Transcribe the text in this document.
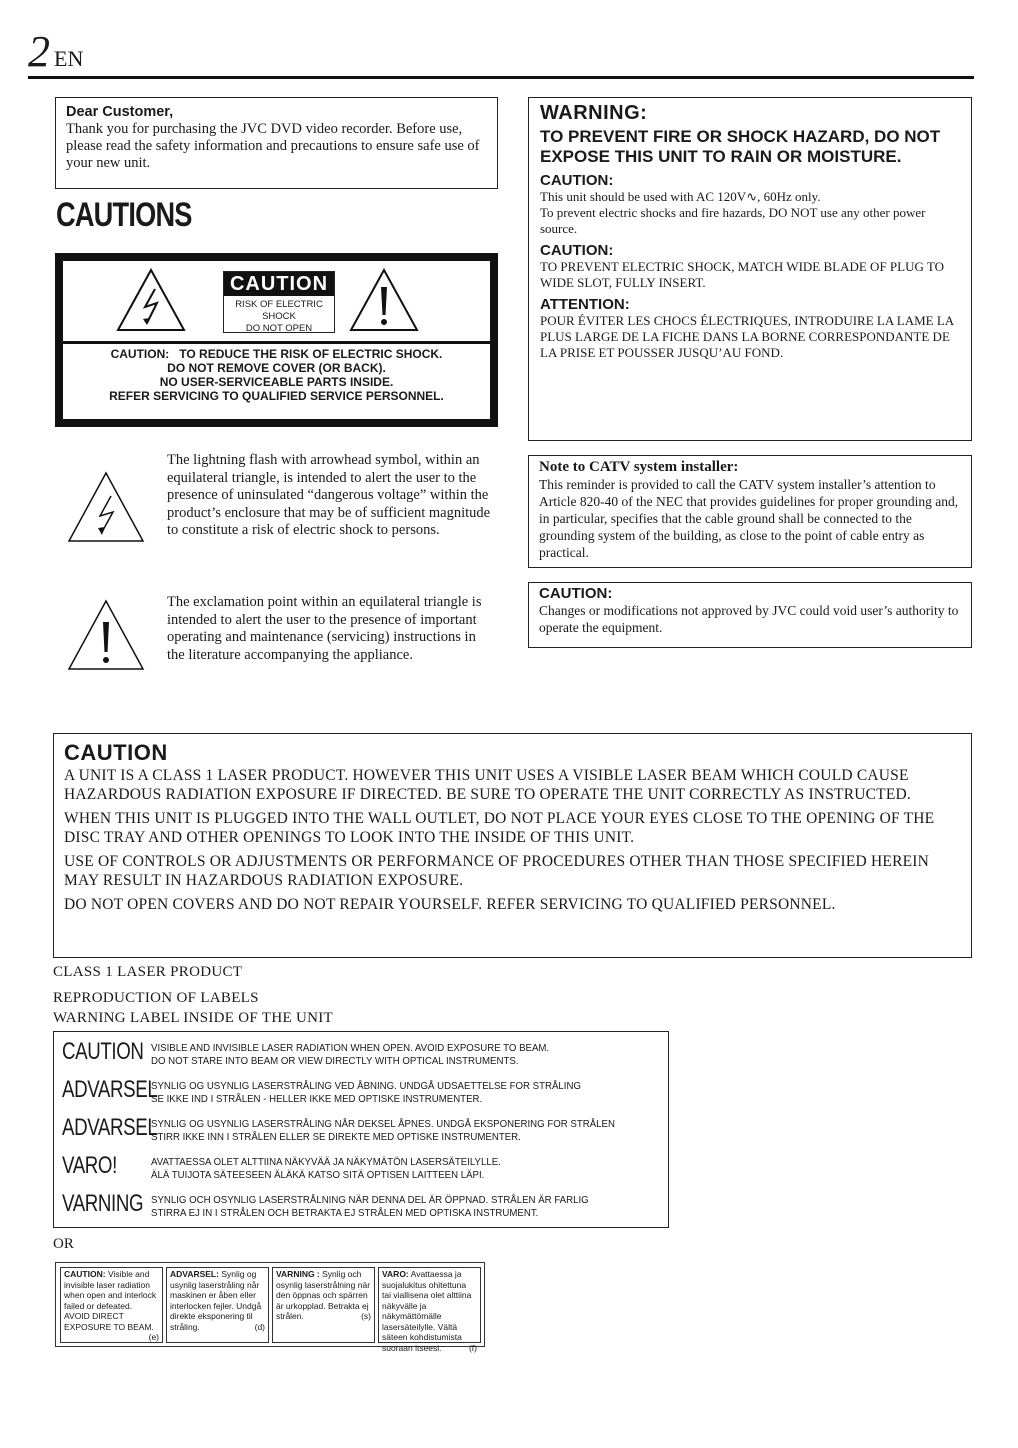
2 EN
Dear Customer,
Thank you for purchasing the JVC DVD video recorder. Before use, please read the safety information and precautions to ensure safe use of your new unit.
CAUTIONS
CAUTION
RISK OF ELECTRIC SHOCK
DO NOT OPEN
CAUTION: TO REDUCE THE RISK OF ELECTRIC SHOCK.
DO NOT REMOVE COVER (OR BACK).
NO USER-SERVICEABLE PARTS INSIDE.
REFER SERVICING TO QUALIFIED SERVICE PERSONNEL.
The lightning flash with arrowhead symbol, within an equilateral triangle, is intended to alert the user to the presence of uninsulated “dangerous voltage” within the product’s enclosure that may be of sufficient magnitude to constitute a risk of electric shock to persons.
The exclamation point within an equilateral triangle is intended to alert the user to the presence of important operating and maintenance (servicing) instructions in the literature accompanying the appliance.
WARNING:
TO PREVENT FIRE OR SHOCK HAZARD, DO NOT EXPOSE THIS UNIT TO RAIN OR MOISTURE.
CAUTION:
This unit should be used with AC 120V∿, 60Hz only.
To prevent electric shocks and fire hazards, DO NOT use any other power source.
CAUTION:
TO PREVENT ELECTRIC SHOCK, MATCH WIDE BLADE OF PLUG TO WIDE SLOT, FULLY INSERT.
ATTENTION:
POUR ÉVITER LES CHOCS ÉLECTRIQUES, INTRODUIRE LA LAME LA PLUS LARGE DE LA FICHE DANS LA BORNE CORRESPONDANTE DE LA PRISE ET POUSSER JUSQU’AU FOND.
Note to CATV system installer:
This reminder is provided to call the CATV system installer’s attention to Article 820-40 of the NEC that provides guidelines for proper grounding and, in particular, specifies that the cable ground shall be connected to the grounding system of the building, as close to the point of cable entry as practical.
CAUTION:
Changes or modifications not approved by JVC could void user’s authority to operate the equipment.
CAUTION

A UNIT IS A CLASS 1 LASER PRODUCT. HOWEVER THIS UNIT USES A VISIBLE LASER BEAM WHICH COULD CAUSE HAZARDOUS RADIATION EXPOSURE IF DIRECTED. BE SURE TO OPERATE THE UNIT CORRECTLY AS INSTRUCTED.

WHEN THIS UNIT IS PLUGGED INTO THE WALL OUTLET, DO NOT PLACE YOUR EYES CLOSE TO THE OPENING OF THE DISC TRAY AND OTHER OPENINGS TO LOOK INTO THE INSIDE OF THIS UNIT.

USE OF CONTROLS OR ADJUSTMENTS OR PERFORMANCE OF PROCEDURES OTHER THAN THOSE SPECIFIED HEREIN MAY RESULT IN HAZARDOUS RADIATION EXPOSURE.

DO NOT OPEN COVERS AND DO NOT REPAIR YOURSELF. REFER SERVICING TO QUALIFIED PERSONNEL.

CLASS 1 LASER PRODUCT
REPRODUCTION OF LABELS
WARNING LABEL INSIDE OF THE UNIT
CAUTION VISIBLE AND INVISIBLE LASER RADIATION WHEN OPEN. AVOID EXPOSURE TO BEAM.
DO NOT STARE INTO BEAM OR VIEW DIRECTLY WITH OPTICAL INSTRUMENTS.
ADVARSEL
SYNLIG OG USYNLIG LASERSTRÅLING VED ÅBNING. UNDGÅ UDSAETTELSE FOR STRÅLING
SE IKKE IND I STRÅLEN - HELLER IKKE MED OPTISKE INSTRUMENTER.
ADVARSEL
SYNLIG OG USYNLIG LASERSTRÅLING NÅR DEKSEL ÅPNES. UNDGÅ EKSPONERING FOR STRÅLEN
STIRR IKKE INN I STRÅLEN ELLER SE DIREKTE MED OPTISKE INSTRUMENTER.
VARO!	AVATTAESSA OLET ALTTIINA NÄKYVÄÄ JA NÄKYMÄTÖN LASERSÄTEILYLLE.
ÄLÄ TUIJOTA SÄTEESEEN ÄLÄKÄ KATSO SITÄ OPTISEN LAITTEEN LÄPI.
VARNING SYNLIG OCH OSYNLIG LASERSTRÅLNING NÄR DENNA DEL ÄR ÖPPNAD. STRÅLEN ÄR FARLIG
STIRRA EJ IN I STRÅLEN OCH BETRAKTA EJ STRÅLEN MED OPTISKA INSTRUMENT.
OR
CAUTION: Visible and invisible laser radiation when open and interlock failed or defeated. AVOID DIRECT EXPOSURE TO BEAM.
(e)
ADVARSEL: Synlig og usynlig laserstråling når maskinen er åben eller interlocken fejler. Undgå direkte eksponering til stråling.	(d)
VARNING : Synlig och osynlig laserstrålning när den öppnas och spärren är urkopplad. Betrakta ej strålen.	(s)
VARO: Avattaessa ja suojalukitus ohitettuna tai viallisena olet alttiina näkyvälle ja näkymättömälle lasersäteilylle. Vältä säteen kohdistumista suoraan itseesi.	(f)
